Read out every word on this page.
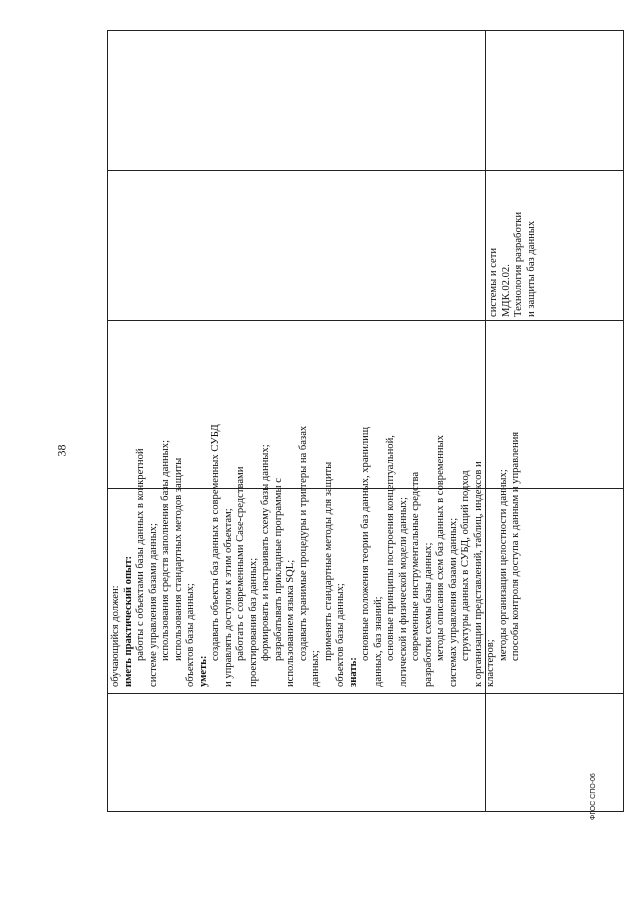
38
обучающийся должен: иметь практический опыт: работы с объектами базы данных в конкретной системе управления базами данных; использования средств заполнения базы данных; использования стандартных методов защиты объектов базы данных; уметь:
создавать объекты баз данных в современных СУБД и управлять доступом к этим объектам; работать с современными Case-средствами проектирования баз данных; формировать и настраивать схему базы данных; разрабатывать прикладные программы с использованием языка SQL; создавать хранимые процедуры и триггеры на базах
данных;
применять стандартные методы для защиты объектов базы данных; знать:
основные положения теории баз данных, хранилищ данных, баз знаний; основные принципы построения концептуальной, логической и физической модели данных; современные инструментальные средства разработки схемы базы данных; методы описания схем баз данных в современных системах управления базами данных; структуры данных в СУБД, общий подход к организации представлений, таблиц, индексов и кластеров;
методы организации целостности данных; способы контроля доступа к данным и управления
системы и сети МДК.02.02. Технология разработки и защиты баз данных
ФГОС СПО-06
